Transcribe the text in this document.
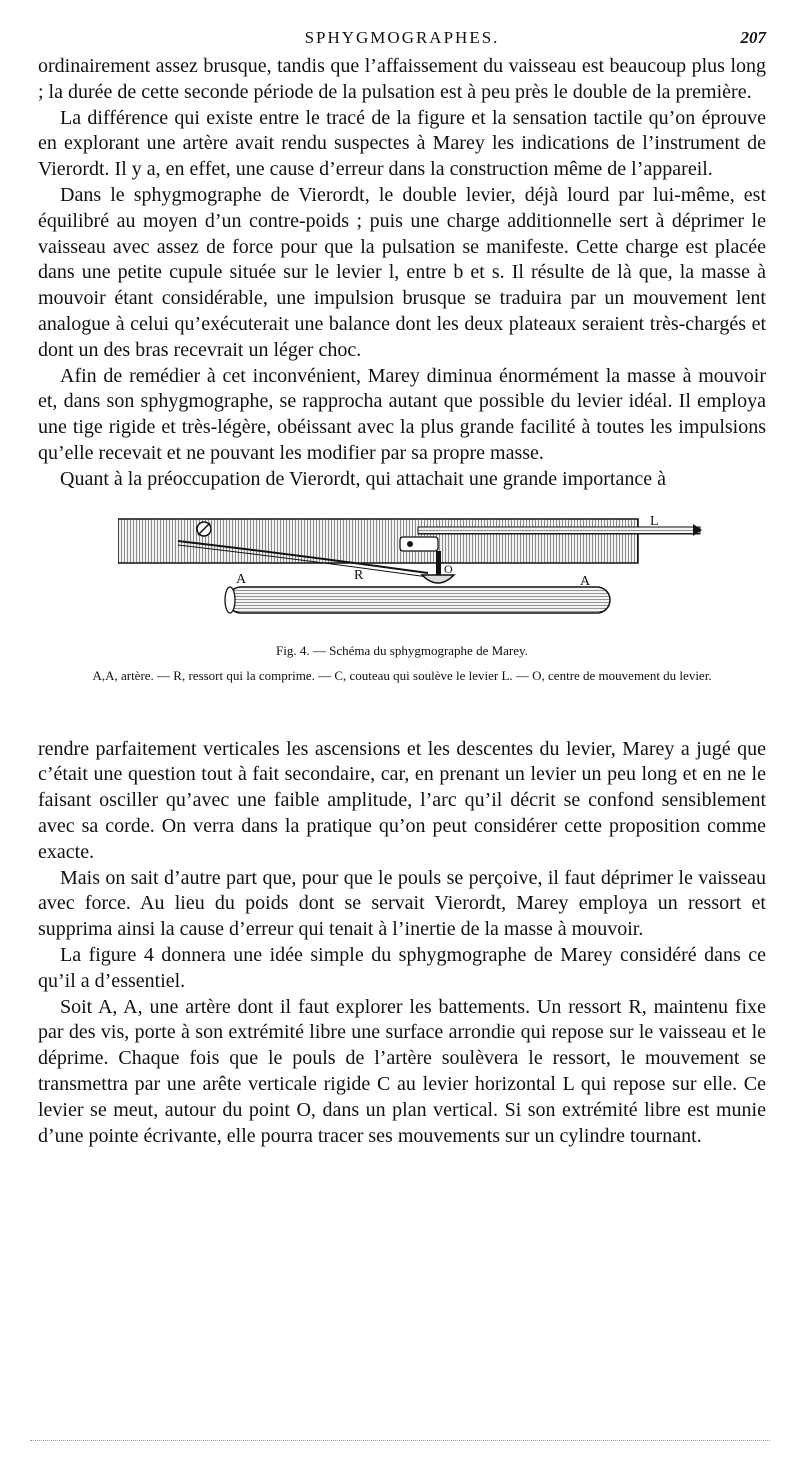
SPHYGMOGRAPHES.	207

ordinairement assez brusque, tandis que l’affaissement du vaisseau est beaucoup plus long ; la durée de cette seconde période de la pulsation est à peu près le double de la première.

La différence qui existe entre le tracé de la figure et la sensation tactile qu’on éprouve en explorant une artère avait rendu suspectes à Marey les indications de l’instrument de Vierordt. Il y a, en effet, une cause d’erreur dans la construction même de l’appareil.

Dans le sphygmographe de Vierordt, le double levier, déjà lourd par lui-même, est équilibré au moyen d’un contre-poids ; puis une charge additionnelle sert à déprimer le vaisseau avec assez de force pour que la pulsation se manifeste. Cette charge est placée dans une petite cupule située sur le levier l, entre b et s. Il résulte de là que, la masse à mouvoir étant considérable, une impulsion brusque se traduira par un mouvement lent analogue à celui qu’exécuterait une balance dont les deux plateaux seraient très-chargés et dont un des bras recevrait un léger choc.

Afin de remédier à cet inconvénient, Marey diminua énormément la masse à mouvoir et, dans son sphygmographe, se rapprocha autant que possible du levier idéal. Il employa une tige rigide et très-légère, obéissant avec la plus grande facilité à toutes les impulsions qu’elle recevait et ne pouvant les modifier par sa propre masse.

Quant à la préoccupation de Vierordt, qui attachait une grande importance à

L
A	R	O
A
Fig. 4. — Schéma du sphygmographe de Marey.
A,A, artère. — R, ressort qui la comprime. — C, couteau qui soulève le levier L. — O, centre de mouvement du levier.

rendre parfaitement verticales les ascensions et les descentes du levier, Marey a jugé que c’était une question tout à fait secondaire, car, en prenant un levier un peu long et en ne le faisant osciller qu’avec une faible amplitude, l’arc qu’il décrit se confond sensiblement avec sa corde. On verra dans la pratique qu’on peut considérer cette proposition comme exacte.

Mais on sait d’autre part que, pour que le pouls se perçoive, il faut déprimer le vaisseau avec force. Au lieu du poids dont se servait Vierordt, Marey employa un ressort et supprima ainsi la cause d’erreur qui tenait à l’inertie de la masse à mouvoir.

La figure 4 donnera une idée simple du sphygmographe de Marey considéré dans ce qu’il a d’essentiel.

Soit A, A, une artère dont il faut explorer les battements. Un ressort R, maintenu fixe par des vis, porte à son extrémité libre une surface arrondie qui repose sur le vaisseau et le déprime. Chaque fois que le pouls de l’artère soulèvera le ressort, le mouvement se transmettra par une arête verticale rigide C au levier horizontal L qui repose sur elle. Ce levier se meut, autour du point O, dans un plan vertical. Si son extrémité libre est munie d’une pointe écrivante, elle pourra tracer ses mouvements sur un cylindre tournant.
